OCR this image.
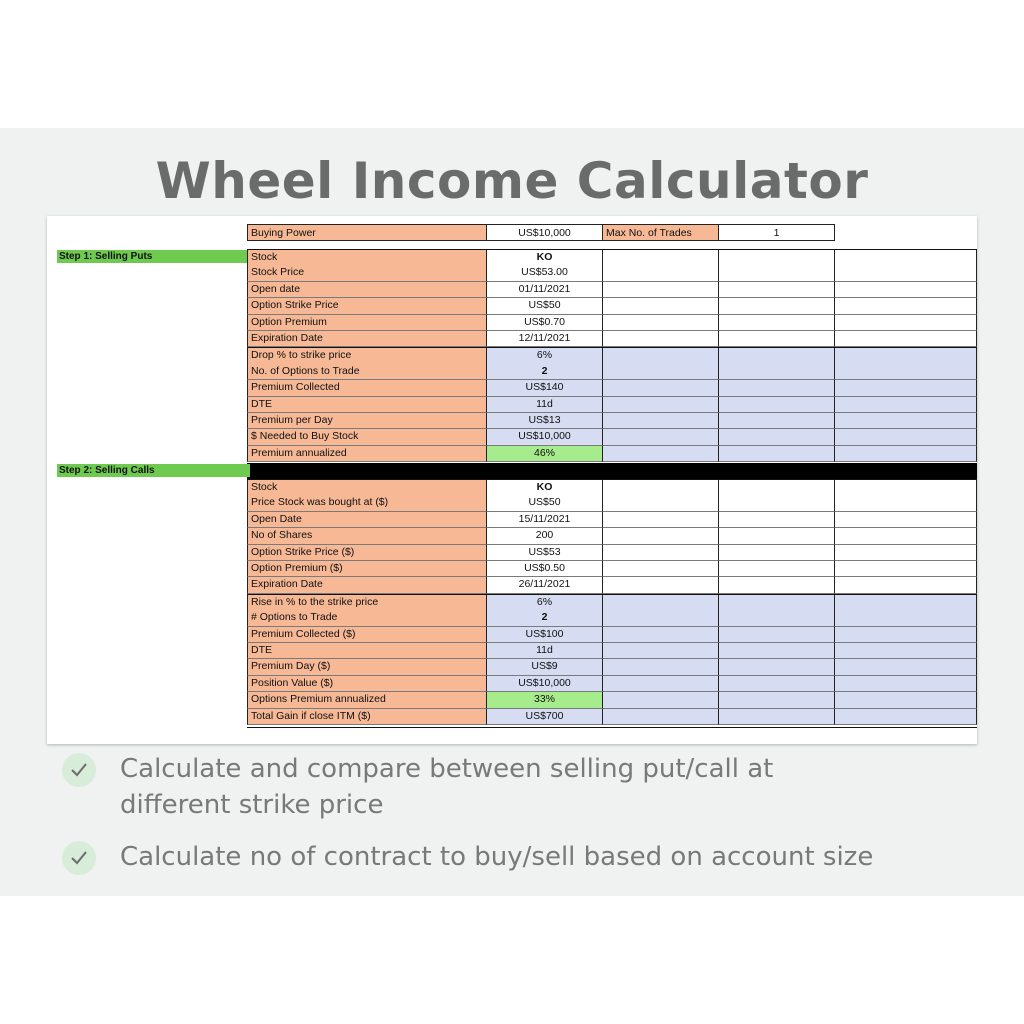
Wheel Income Calculator
Buying Power	US$10,000	Max No. of Trades	1
Step 1: Selling Puts	Stock	KO
Stock Price	US$53.00
Open date	01/11/2021
Option Strike Price	US$50
Option Premium	US$0.70
Expiration Date	12/11/2021
Drop % to strike price	6%
No. of Options to Trade	2
Premium Collected	US$140
DTE	11d
Premium per Day	US$13
$ Needed to Buy Stock	US$10,000
Premium annualized	46%
Step 2: Selling Calls
Stock	KO
Price Stock was bought at ($)	US$50
Open Date	15/11/2021
No of Shares	200
Option Strike Price ($)	US$53
Option Premium ($)	US$0.50
Expiration Date	26/11/2021
Rise in % to the strike price	6%
# Options to Trade	2
Premium Collected ($)	US$100
DTE	11d
Premium Day ($)	US$9
Position Value ($)	US$10,000
Options Premium annualized	33%
Total Gain if close ITM ($)	US$700
Calculate and compare between selling put/call at
different strike price
Calculate no of contract to buy/sell based on account size
